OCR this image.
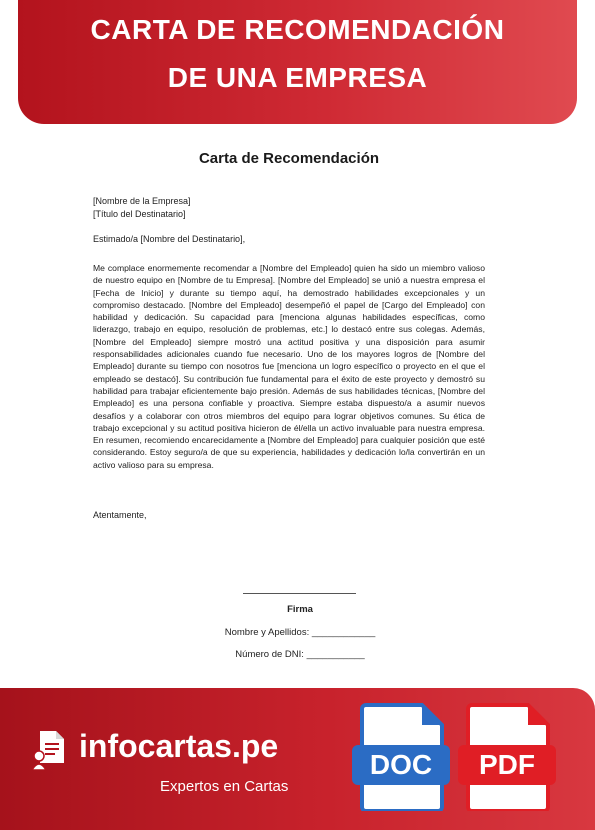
CARTA DE RECOMENDACIÓN
DE UNA EMPRESA
Carta de Recomendación
[Nombre de la Empresa]
[Título del Destinatario]
Estimado/a [Nombre del Destinatario],

Me complace enormemente recomendar a [Nombre del Empleado] quien ha sido un miembro valioso de nuestro equipo en [Nombre de tu Empresa]. [Nombre del Empleado] se unió a nuestra empresa el [Fecha de Inicio] y durante su tiempo aquí, ha demostrado habilidades excepcionales y un compromiso destacado. [Nombre del Empleado] desempeñó el papel de [Cargo del Empleado] con habilidad y dedicación. Su capacidad para [menciona algunas habilidades específicas, como liderazgo, trabajo en equipo, resolución de problemas, etc.] lo destacó entre sus colegas. Además, [Nombre del Empleado] siempre mostró una actitud positiva y una disposición para asumir responsabilidades adicionales cuando fue necesario. Uno de los mayores logros de [Nombre del Empleado] durante su tiempo con nosotros fue [menciona un logro específico o proyecto en el que el empleado se destacó]. Su contribución fue fundamental para el éxito de este proyecto y demostró su habilidad para trabajar eficientemente bajo presión. Además de sus habilidades técnicas, [Nombre del Empleado] es una persona confiable y proactiva. Siempre estaba dispuesto/a a asumir nuevos desafíos y a colaborar con otros miembros del equipo para lograr objetivos comunes. Su ética de trabajo excepcional y su actitud positiva hicieron de él/ella un activo invaluable para nuestra empresa. En resumen, recomiendo encarecidamente a [Nombre del Empleado] para cualquier posición que esté considerando. Estoy seguro/a de que su experiencia, habilidades y dedicación lo/la convertirán en un activo valioso para su empresa.

Atentamente,
Firma
Nombre y Apellidos: ____________
Número de DNI: ___________
infocartas.pe
Expertos en Cartas
DOC	PDF
